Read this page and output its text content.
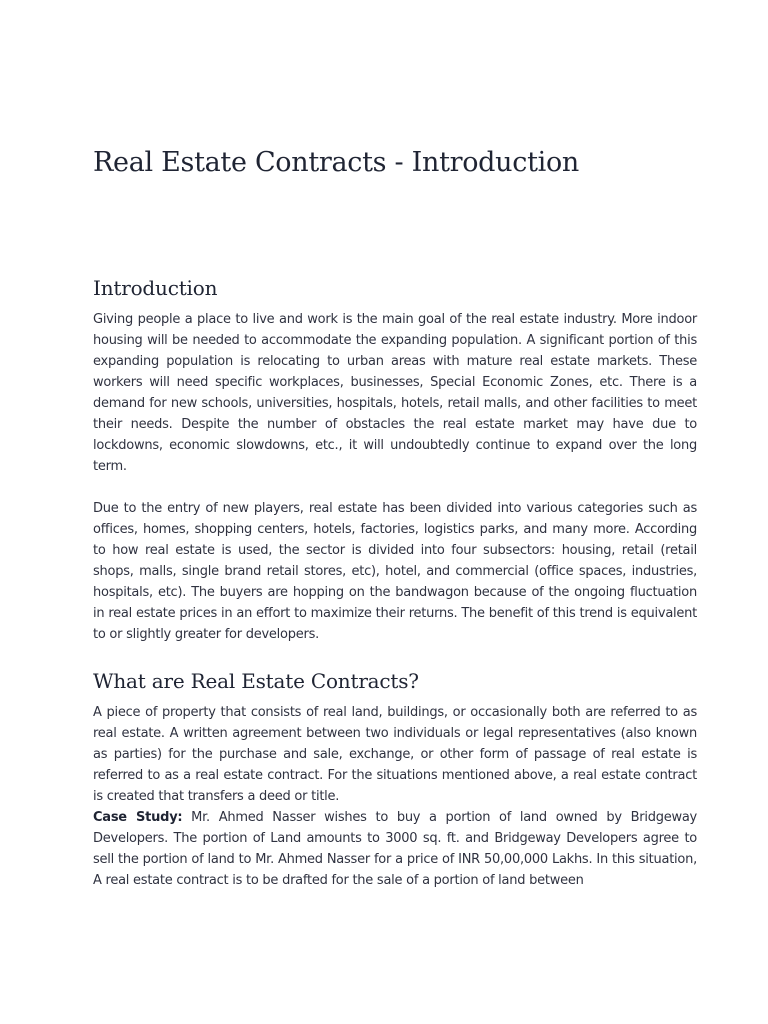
Real Estate Contracts - Introduction
Introduction

Giving people a place to live and work is the main goal of the real estate industry. More indoor housing will be needed to accommodate the expanding population. A significant portion of this expanding population is relocating to urban areas with mature real estate markets. These workers will need specific workplaces, businesses, Special Economic Zones, etc. There is a demand for new schools, universities, hospitals, hotels, retail malls, and other facilities to meet their needs. Despite the number of obstacles the real estate market may have due to lockdowns, economic slowdowns, etc., it will undoubtedly continue to expand over the long term.

Due to the entry of new players, real estate has been divided into various categories such as offices, homes, shopping centers, hotels, factories, logistics parks, and many more. According to how real estate is used, the sector is divided into four subsectors: housing, retail (retail shops, malls, single brand retail stores, etc), hotel, and commercial (office spaces, industries, hospitals, etc). The buyers are hopping on the bandwagon because of the ongoing fluctuation in real estate prices in an effort to maximize their returns. The benefit of this trend is equivalent to or slightly greater for developers.

What are Real Estate Contracts?

A piece of property that consists of real land, buildings, or occasionally both are referred to as real estate. A written agreement between two individuals or legal representatives (also known as parties) for the purchase and sale, exchange, or other form of passage of real estate is referred to as a real estate contract. For the situations mentioned above, a real estate contract is created that transfers a deed or title.

Case Study: Mr. Ahmed Nasser wishes to buy a portion of land owned by Bridgeway Developers. The portion of Land amounts to 3000 sq. ft. and Bridgeway Developers agree to sell the portion of land to Mr. Ahmed Nasser for a price of INR 50,00,000 Lakhs. In this situation, A real estate contract is to be drafted for the sale of a portion of land between
